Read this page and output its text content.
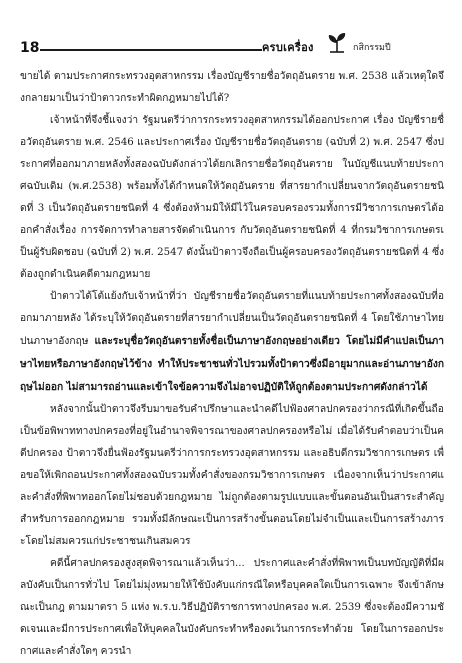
18	ครบเครื่อง	กสิกรรมปี

ขายได้ ตามประกาศกระทรวงอุตสาหกรรม เรื่องบัญชีรายชื่อวัตถุอันตราย พ.ศ. 2538 แล้วเหตุใดจึงกลายมาเป็นว่าป้าตาวกระทำผิดกฎหมายไปได้?

เจ้าหน้าที่จึงชี้แจงว่า รัฐมนตรีว่าการกระทรวงอุตสาหกรรมได้ออกประกาศ เรื่อง บัญชีรายชื่อวัตถุอันตราย พ.ศ. 2546 และประกาศเรื่อง บัญชีรายชื่อวัตถุอันตราย (ฉบับที่ 2) พ.ศ. 2547 ซึ่งประกาศที่ออกมาภายหลังทั้งสองฉบับดังกล่าวได้ยกเลิกรายชื่อวัตถุอันตราย ในบัญชีแนบท้ายประกาศฉบับเดิม (พ.ศ.2538) พร้อมทั้งได้กำหนดให้วัตถุอันตราย ที่สารยากำเปลี่ยนจากวัตถุอันตรายชนิดที่ 3 เป็นวัตถุอันตรายชนิดที่ 4 ซึ่งต้องห้ามมิให้มีไว้ในครอบครองรวมทั้งการมีวิชาการเกษตรได้ออกคำสั่งเรื่อง การจัดการทำลายสารจัดดำเนินการ กับวัตถุอันตรายชนิดที่ 4 ที่กรมวิชาการเกษตรเป็นผู้รับผิดชอบ (ฉบับที่ 2) พ.ศ. 2547 ดังนั้นป้าตาวจึงถือเป็นผู้ครอบครองวัตถุอันตรายชนิดที่ 4 ซึ่งต้องถูกดำเนินคดีตามกฎหมาย

ป้าตาวได้โต้แย้งกับเจ้าหน้าที่ว่า บัญชีรายชื่อวัตถุอันตรายที่แนบท้ายประกาศทั้งสองฉบับที่ออกมาภายหลัง ได้ระบุให้วัตถุอันตรายที่สารยากำเปลี่ยนเป็นวัตถุอันตรายชนิดที่ 4 โดยใช้ภาษาไทยปนภาษาอังกฤษ และระบุชื่อวัตถุอันตรายทั้งชื่อเป็นภาษาอังกฤษอย่างเดียว โดยไม่มีคำแปลเป็นภาษาไทยหรือภาษาอังกฤษไว้ข้าง ทำให้ประชาชนทั่วไปรวมทั้งป้าตาวซึ่งมีอายุมากและอ่านภาษาอังกฤษไม่ออก ไม่สามารถอ่านและเข้าใจข้อความจึงไม่อาจปฏิบัติให้ถูกต้องตามประกาศดังกล่าวได้

หลังจากนั้นป้าตาวจึงรีบมาขอรับคำปรึกษาและนำคดีไปฟ้องศาลปกครองว่ากรณีที่เกิดขึ้นถือเป็นข้อพิพาททางปกครองที่อยู่ในอำนาจพิจารณาของศาลปกครองหรือไม่ เมื่อได้รับคำตอบว่าเป็นคดีปกครอง ป้าตาวจึงยื่นฟ้องรัฐมนตรีว่าการกระทรวงอุตสาหกรรม และอธิบดีกรมวิชาการเกษตร เพื่อขอให้เพิกถอนประกาศทั้งสองฉบับรวมทั้งคำสั่งของกรมวิชาการเกษตร เนื่องจากเห็นว่าประกาศและคำสั่งที่พิพาทออกโดยไม่ชอบด้วยกฎหมาย ไม่ถูกต้องตามรูปแบบและขั้นตอนอันเป็นสาระสำคัญสำหรับการออกกฎหมาย รวมทั้งมีลักษณะเป็นการสร้างขั้นตอนโดยไม่จำเป็นและเป็นการสร้างภาระโดยไม่สมควรแก่ประชาชนเกินสมควร

คดีนี้ศาลปกครองสูงสุดพิจารณาแล้วเห็นว่า... ประกาศและคำสั่งที่พิพาทเป็นบทบัญญัติที่มีผลบังคับเป็นการทั่วไป โดยไม่มุ่งหมายให้ใช้บังคับแก่กรณีใดหรือบุคคลใดเป็นการเฉพาะ จึงเข้าลักษณะเป็นกฎ ตามมาตรา 5 แห่ง พ.ร.บ.วิธีปฏิบัติราชการทางปกครอง พ.ศ. 2539 ซึ่งจะต้องมีความชัดเจนและมีการประกาศเพื่อให้บุคคลในบังคับกระทำหรืองดเว้นการกระทำด้วย โดยในการออกประกาศและคำสั่งใดๆ ควรนำ
